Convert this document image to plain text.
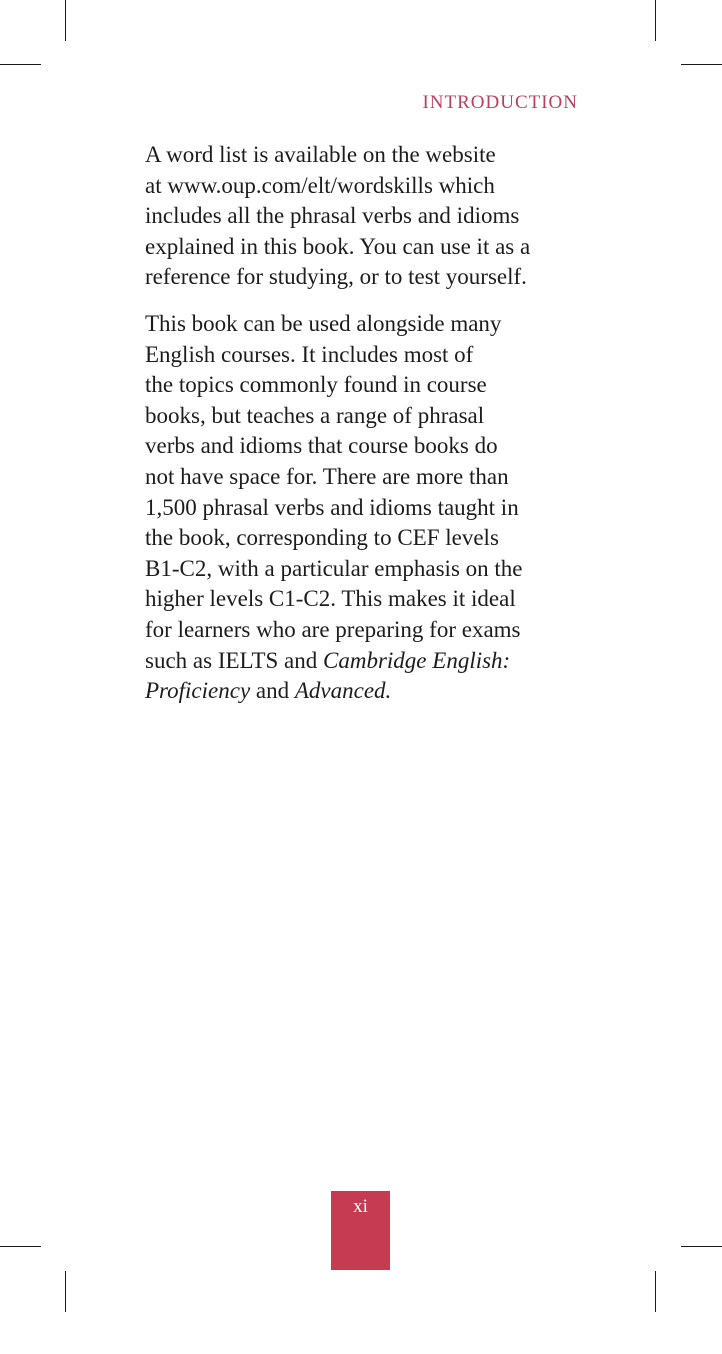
INTRODUCTION

A word list is available on the website
at www.oup.com/elt/wordskills which
includes all the phrasal verbs and idioms
explained in this book. You can use it as a
reference for studying, or to test yourself.

This book can be used alongside many
English courses. It includes most of
the topics commonly found in course
books, but teaches a range of phrasal
verbs and idioms that course books do
not have space for. There are more than
1,500 phrasal verbs and idioms taught in
the book, corresponding to CEF levels
B1-C2, with a particular emphasis on the
higher levels C1-C2. This makes it ideal
for learners who are preparing for exams
such as IELTS and Cambridge English:
Proficiency and Advanced.

xi
